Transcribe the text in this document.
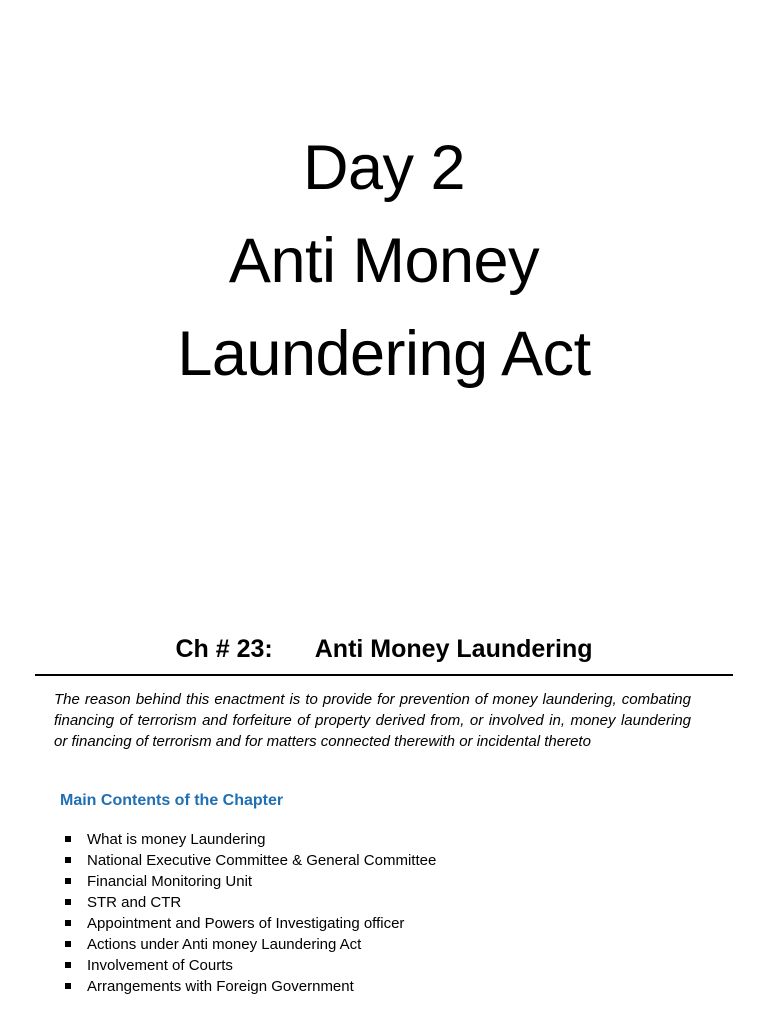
Day 2
Anti Money
Laundering Act
Ch # 23: Anti Money Laundering

The reason behind this enactment is to provide for prevention of money laundering, combating financing of terrorism and forfeiture of property derived from, or involved in, money laundering or financing of terrorism and for matters connected therewith or incidental thereto

Main Contents of the Chapter
What is money Laundering
National Executive Committee & General Committee
Financial Monitoring Unit
STR and CTR
Appointment and Powers of Investigating officer
Actions under Anti money Laundering Act
Involvement of Courts
Arrangements with Foreign Government
